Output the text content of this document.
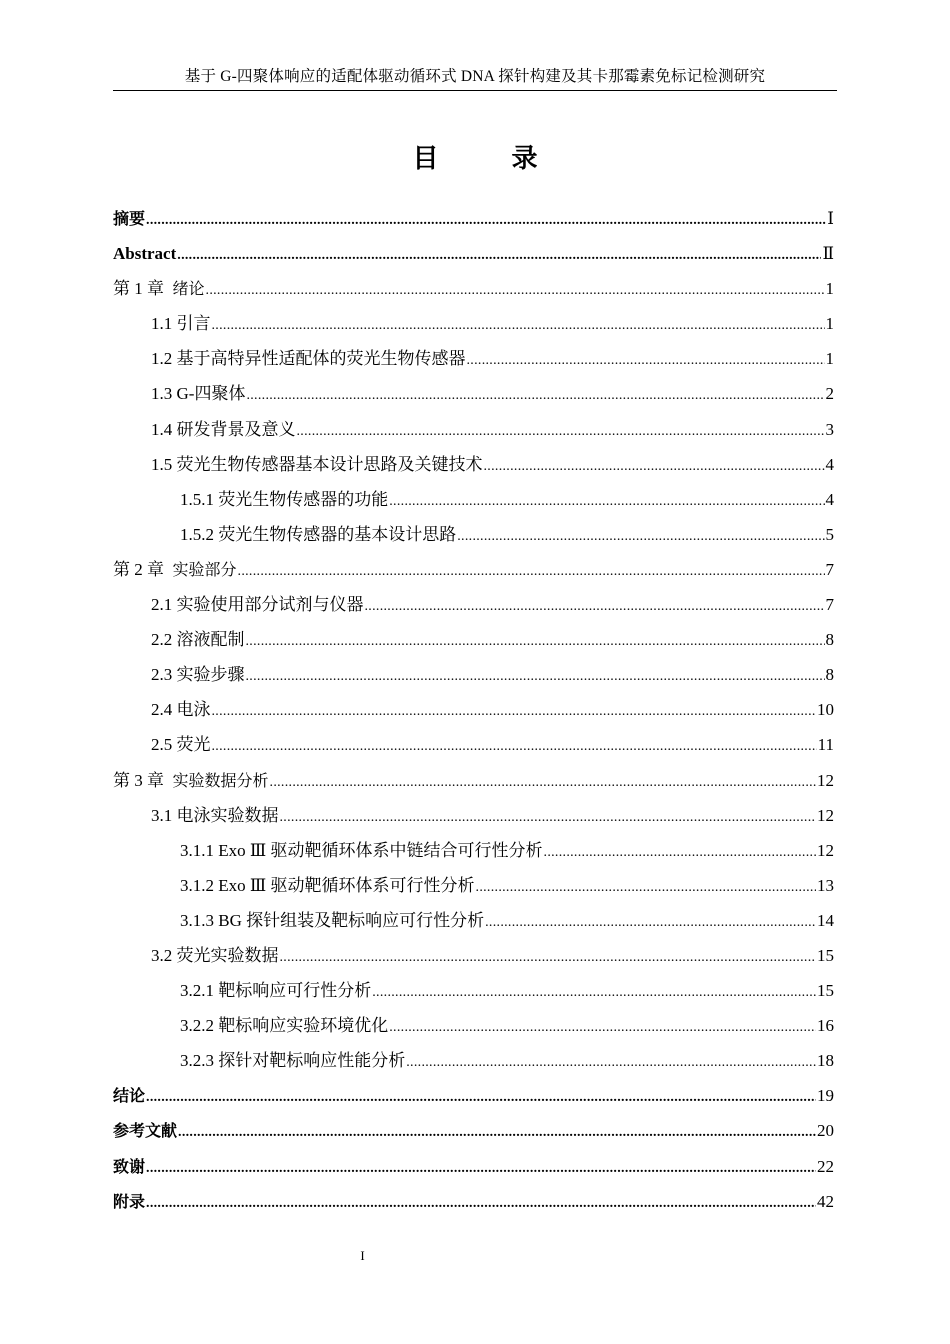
基于 G-四聚体响应的适配体驱动循环式 DNA 探针构建及其卡那霉素免标记检测研究
目 录
摘要 .....	Ⅰ
Abstract .....	Ⅱ
第 1 章 绪论 .....	1
1.1 引言 .....	1
1.2 基于高特异性适配体的荧光生物传感器 .....	1
1.3 G-四聚体 .....	2
1.4 研发背景及意义 .....	3
1.5 荧光生物传感器基本设计思路及关键技术 .....	4
1.5.1 荧光生物传感器的功能 .....	4
1.5.2 荧光生物传感器的基本设计思路 .....	5
第 2 章 实验部分 .....	7
2.1 实验使用部分试剂与仪器 .....	7
2.2 溶液配制 .....	8
2.3 实验步骤 .....	8
2.4 电泳 .....	10
2.5 荧光 .....	11
第 3 章 实验数据分析 .....	12
3.1 电泳实验数据 .....	12
3.1.1 Exo Ⅲ 驱动靶循环体系中链结合可行性分析 .....	12
3.1.2 Exo Ⅲ 驱动靶循环体系可行性分析 .....	13
3.1.3 BG 探针组装及靶标响应可行性分析 .....	14
3.2 荧光实验数据 .....	15
3.2.1 靶标响应可行性分析 .....	15
3.2.2 靶标响应实验环境优化 .....	16
3.2.3 探针对靶标响应性能分析 .....	18
结论 .....	19
参考文献 .....	20
致谢 .....	22
附录 .....	42
I
